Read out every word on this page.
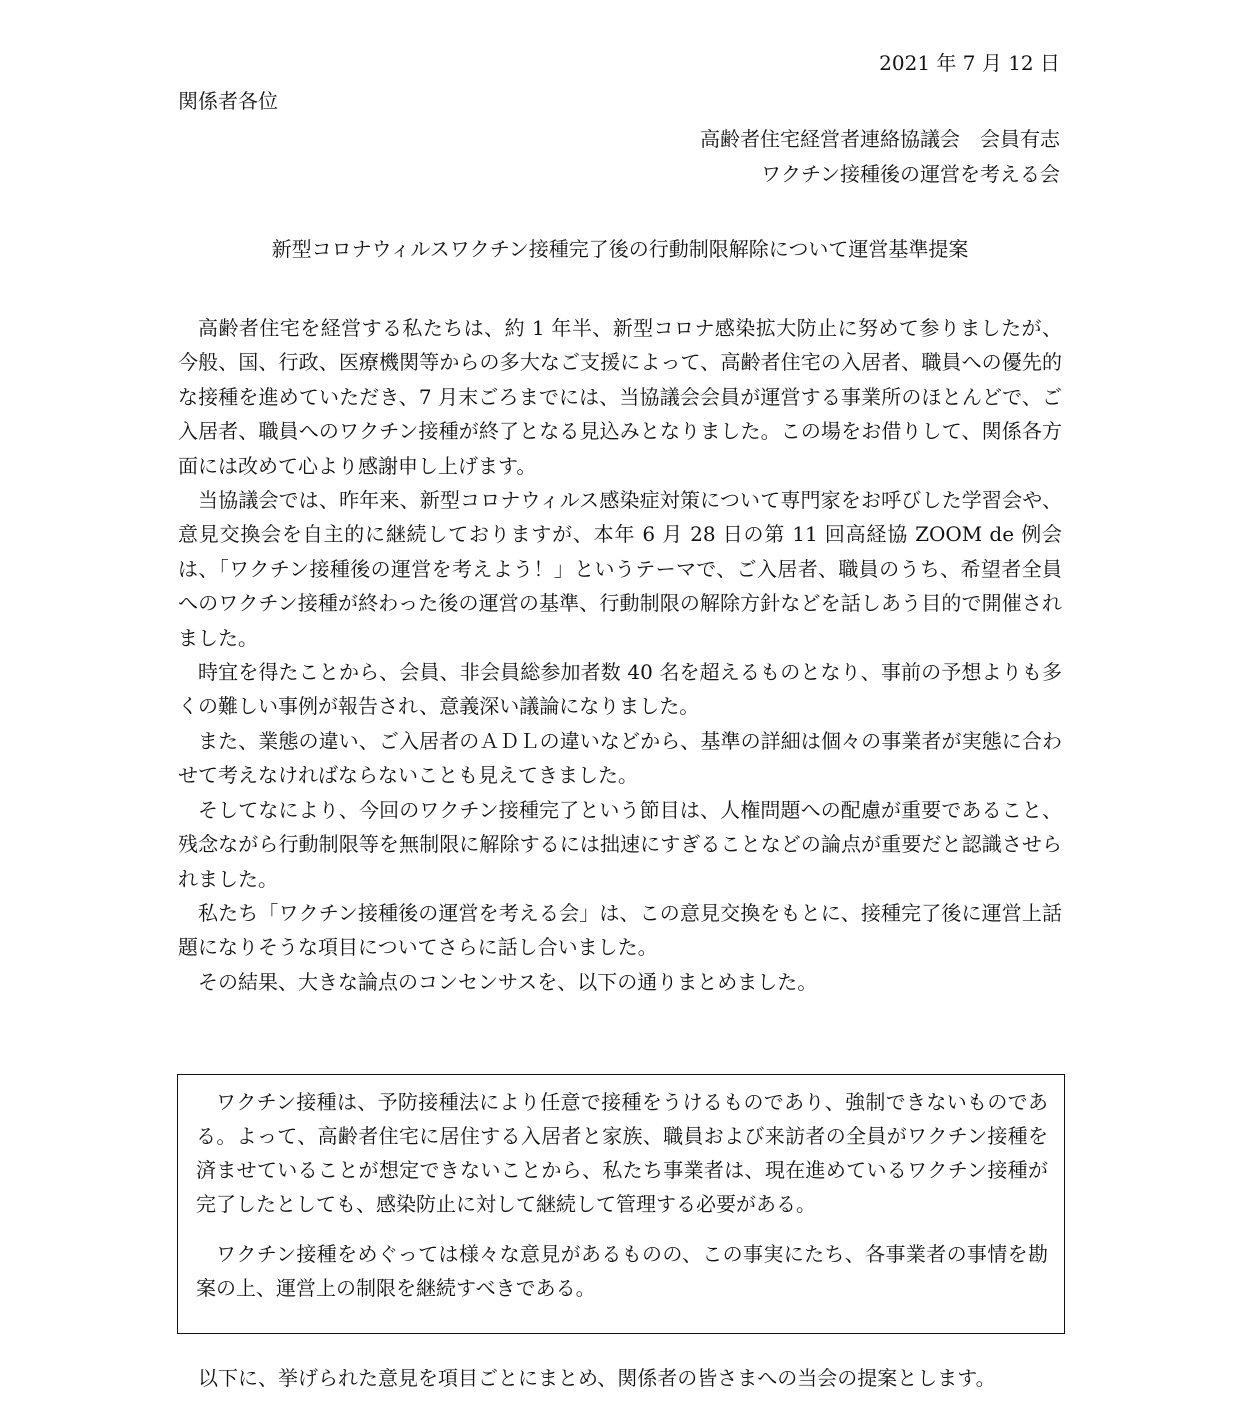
2021 年 7 月 12 日
関係者各位
高齢者住宅経営者連絡協議会　会員有志
ワクチン接種後の運営を考える会
新型コロナウィルスワクチン接種完了後の行動制限解除について運営基準提案

高齢者住宅を経営する私たちは、約 1 年半、新型コロナ感染拡大防止に努めて参りましたが、今般、国、行政、医療機関等からの多大なご支援によって、高齢者住宅の入居者、職員への優先的な接種を進めていただき、7 月末ごろまでには、当協議会会員が運営する事業所のほとんどで、ご入居者、職員へのワクチン接種が終了となる見込みとなりました。この場をお借りして、関係各方面には改めて心より感謝申し上げます。

当協議会では、昨年来、新型コロナウィルス感染症対策について専門家をお呼びした学習会や、意見交換会を自主的に継続しておりますが、本年 6 月 28 日の第 11 回高経協 ZOOM de 例会は、「ワクチン接種後の運営を考えよう！」というテーマで、ご入居者、職員のうち、希望者全員へのワクチン接種が終わった後の運営の基準、行動制限の解除方針などを話しあう目的で開催されました。

時宜を得たことから、会員、非会員総参加者数 40 名を超えるものとなり、事前の予想よりも多くの難しい事例が報告され、意義深い議論になりました。

また、業態の違い、ご入居者のＡＤＬの違いなどから、基準の詳細は個々の事業者が実態に合わせて考えなければならないことも見えてきました。

そしてなにより、今回のワクチン接種完了という節目は、人権問題への配慮が重要であること、残念ながら行動制限等を無制限に解除するには拙速にすぎることなどの論点が重要だと認識させられました。

私たち「ワクチン接種後の運営を考える会」は、この意見交換をもとに、接種完了後に運営上話題になりそうな項目についてさらに話し合いました。

その結果、大きな論点のコンセンサスを、以下の通りまとめました。

ワクチン接種は、予防接種法により任意で接種をうけるものであり、強制できないものである。よって、高齢者住宅に居住する入居者と家族、職員および来訪者の全員がワクチン接種を済ませていることが想定できないことから、私たち事業者は、現在進めているワクチン接種が完了したとしても、感染防止に対して継続して管理する必要がある。

ワクチン接種をめぐっては様々な意見があるものの、この事実にたち、各事業者の事情を勘案の上、運営上の制限を継続すべきである。

以下に、挙げられた意見を項目ごとにまとめ、関係者の皆さまへの当会の提案とします。
